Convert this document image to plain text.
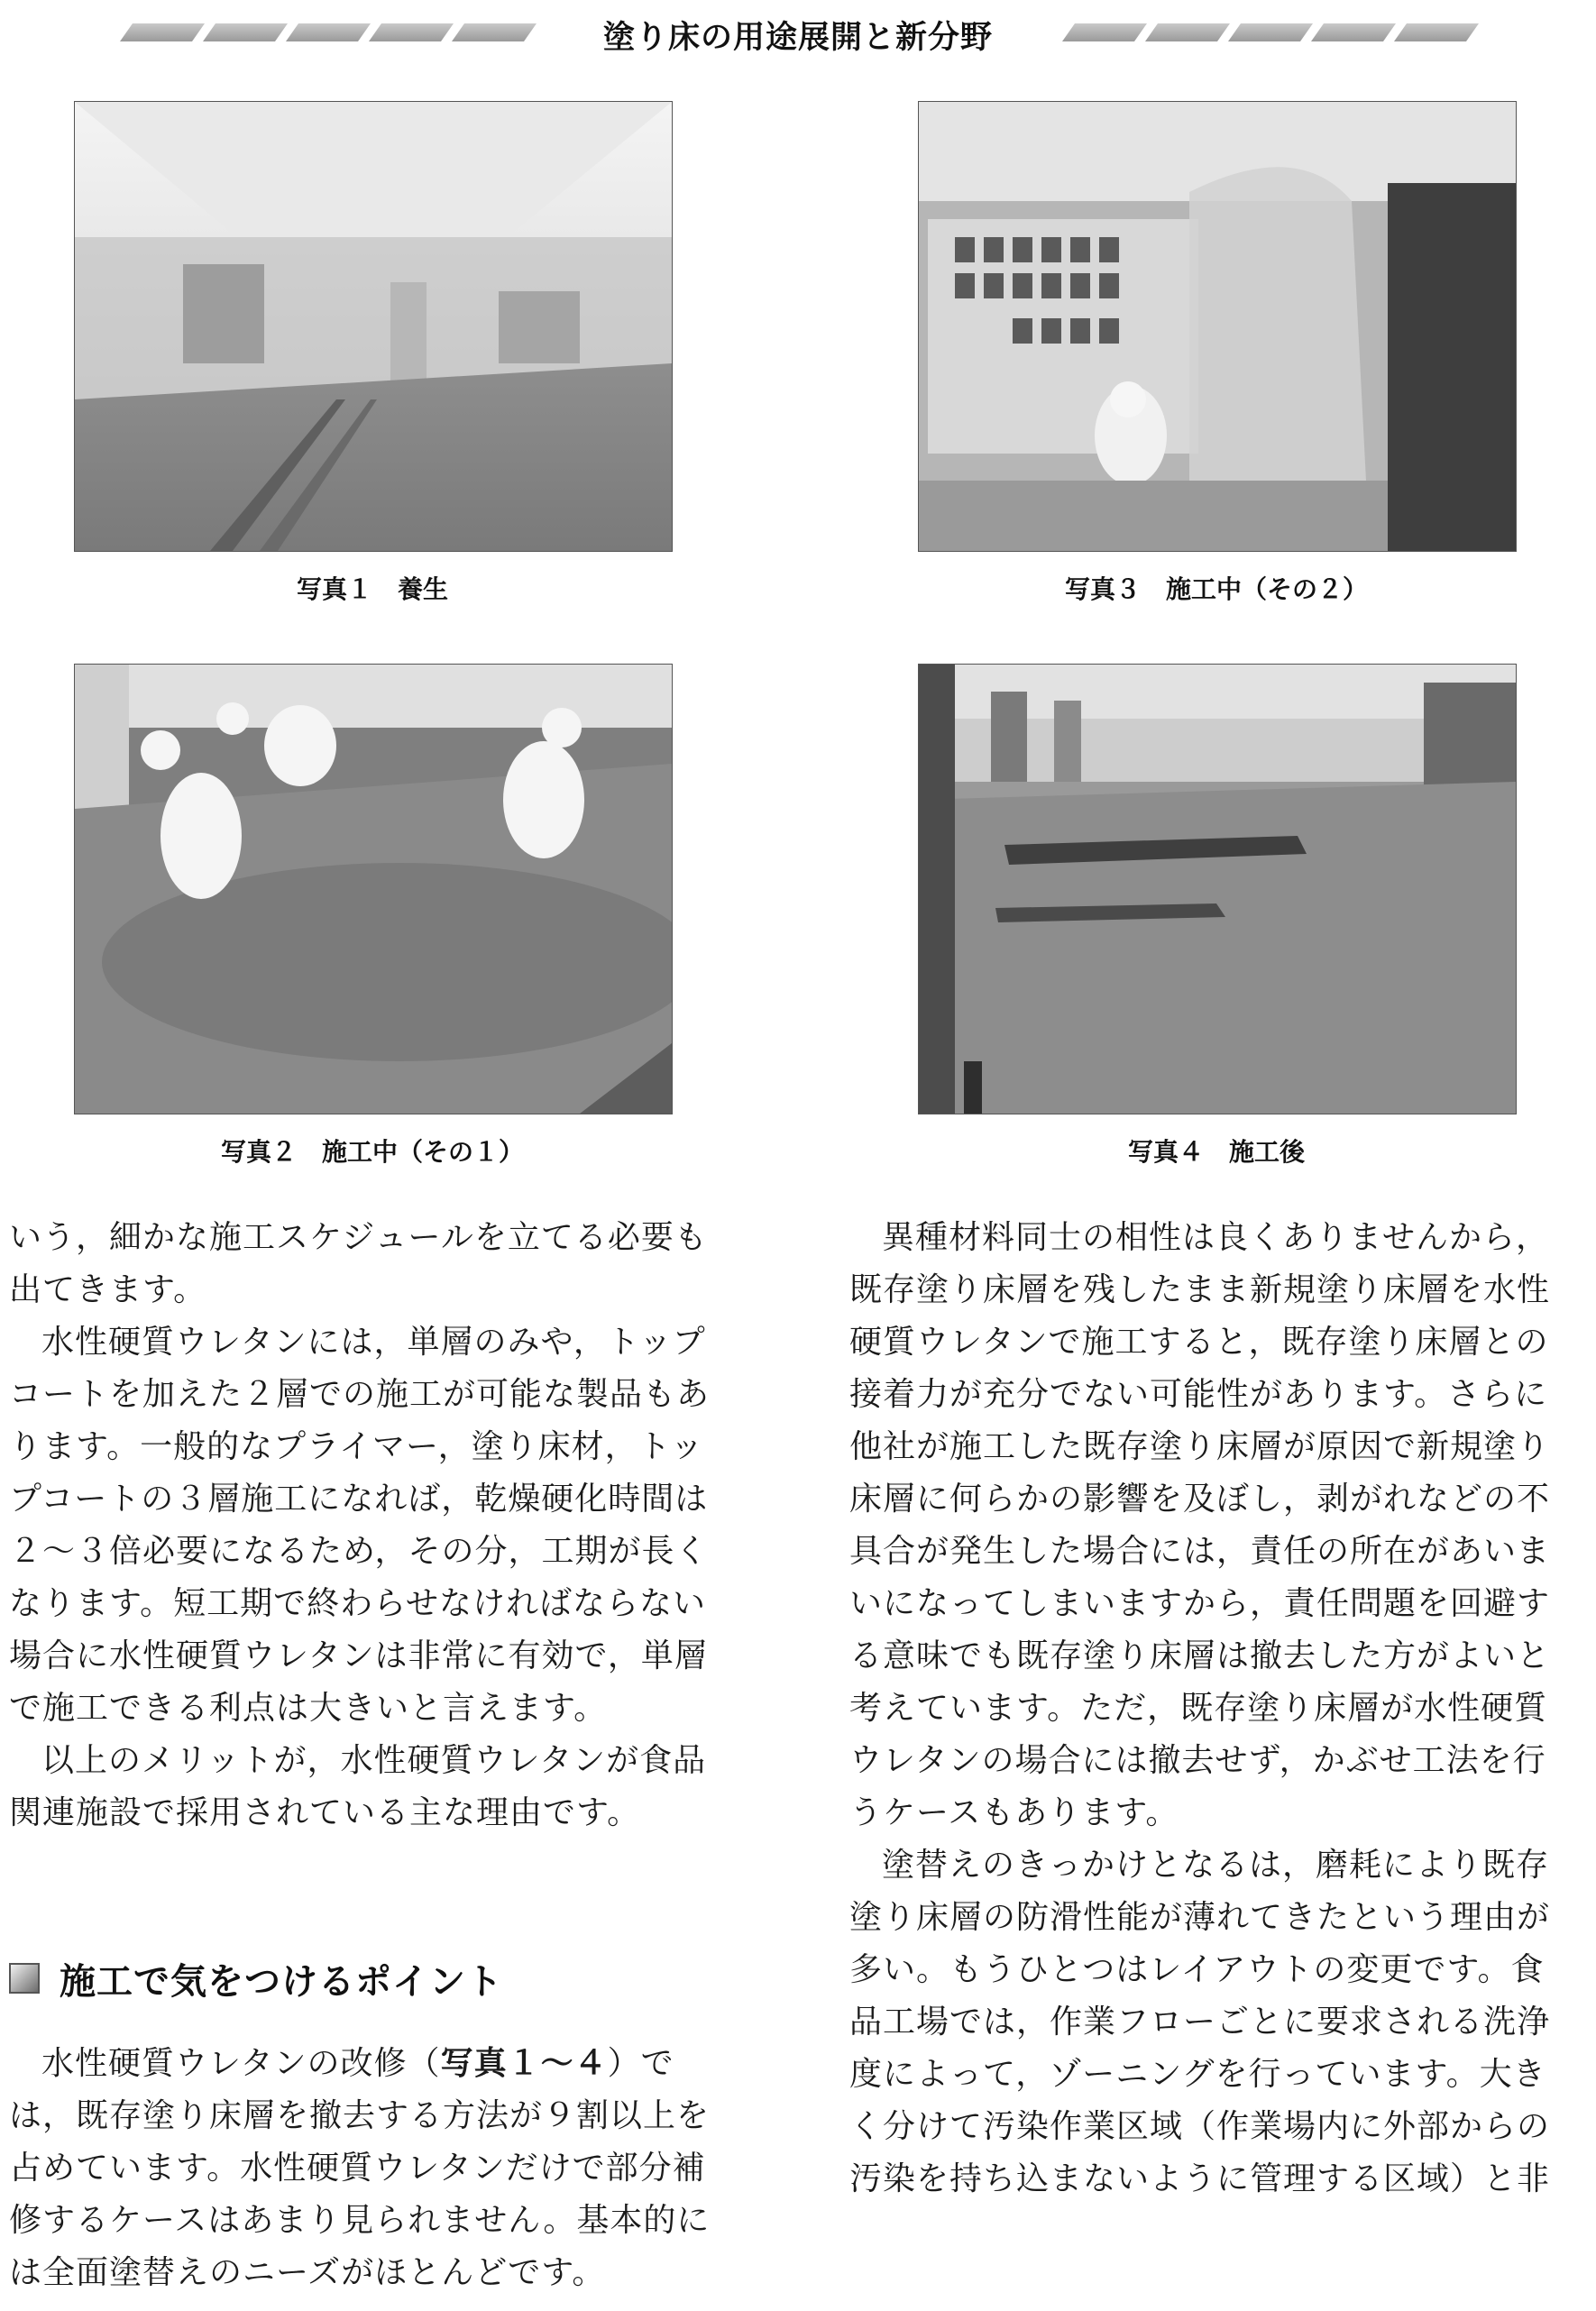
塗り床の用途展開と新分野
写真１　養生	写真３　施工中（その２）
写真２　施工中（その１）	写真４　施工後

いう，細かな施工スケジュールを立てる必要も出てきます。

水性硬質ウレタンには，単層のみや，トップコートを加えた２層での施工が可能な製品もあります。一般的なプライマー，塗り床材，トップコートの３層施工になれば，乾燥硬化時間は２～３倍必要になるため，その分，工期が長くなります。短工期で終わらせなければならない場合に水性硬質ウレタンは非常に有効で，単層で施工できる利点は大きいと言えます。

以上のメリットが，水性硬質ウレタンが食品関連施設で採用されている主な理由です。

施工で気をつけるポイント

水性硬質ウレタンの改修（写真１～４）では，既存塗り床層を撤去する方法が９割以上を占めています。水性硬質ウレタンだけで部分補修するケースはあまり見られません。基本的には全面塗替えのニーズがほとんどです。

異種材料同士の相性は良くありませんから，既存塗り床層を残したまま新規塗り床層を水性硬質ウレタンで施工すると，既存塗り床層との接着力が充分でない可能性があります。さらに他社が施工した既存塗り床層が原因で新規塗り床層に何らかの影響を及ぼし，剥がれなどの不具合が発生した場合には，責任の所在があいまいになってしまいますから，責任問題を回避する意味でも既存塗り床層は撤去した方がよいと考えています。ただ，既存塗り床層が水性硬質ウレタンの場合には撤去せず，かぶせ工法を行うケースもあります。

塗替えのきっかけとなるは，磨耗により既存塗り床層の防滑性能が薄れてきたという理由が多い。もうひとつはレイアウトの変更です。食品工場では，作業フローごとに要求される洗浄度によって，ゾーニングを行っています。大きく分けて汚染作業区域（作業場内に外部からの汚染を持ち込まないように管理する区域）と非
